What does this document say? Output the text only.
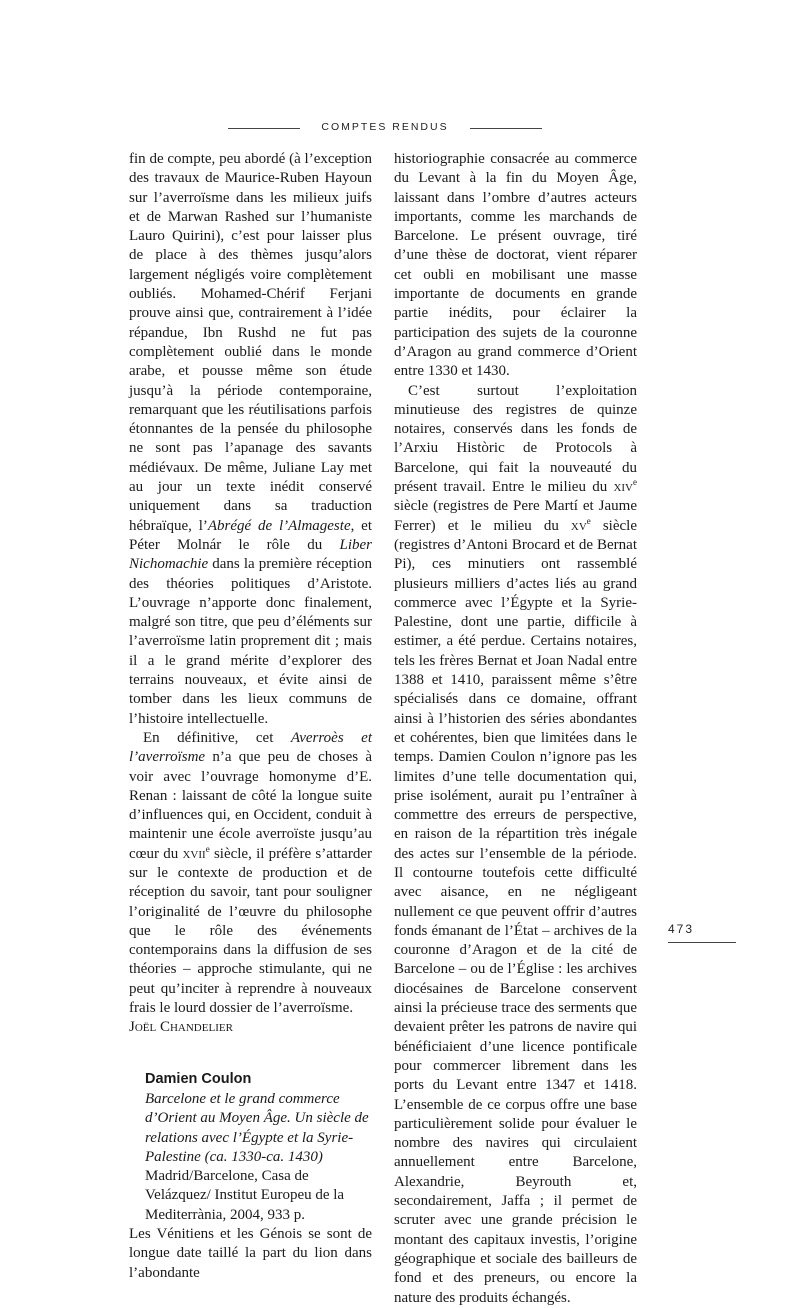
COMPTES RENDUS

fin de compte, peu abordé (à l’exception des travaux de Maurice-Ruben Hayoun sur l’averroïsme dans les milieux juifs et de Marwan Rashed sur l’humaniste Lauro Quirini), c’est pour laisser plus de place à des thèmes jusqu’alors largement négligés voire complètement oubliés. Mohamed-Chérif Ferjani prouve ainsi que, contrairement à l’idée répandue, Ibn Rushd ne fut pas complètement oublié dans le monde arabe, et pousse même son étude jusqu’à la période contemporaine, remarquant que les réutilisations parfois étonnantes de la pensée du philosophe ne sont pas l’apanage des savants médiévaux. De même, Juliane Lay met au jour un texte inédit conservé uniquement dans sa traduction hébraïque, l’Abrégé de l’Almageste, et Péter Molnár le rôle du Liber Nichomachie dans la première réception des théories politiques d’Aristote. L’ouvrage n’apporte donc finalement, malgré son titre, que peu d’éléments sur l’averroïsme latin proprement dit ; mais il a le grand mérite d’explorer des terrains nouveaux, et évite ainsi de tomber dans les lieux communs de l’histoire intellectuelle.

En définitive, cet Averroès et l’averroïsme n’a que peu de choses à voir avec l’ouvrage homonyme d’E. Renan : laissant de côté la longue suite d’influences qui, en Occident, conduit à maintenir une école averroïste jusqu’au cœur du xvii$^e$ siècle, il préfère s’attarder sur le contexte de production et de réception du savoir, tant pour souligner l’originalité de l’œuvre du philosophe que le rôle des événements contemporains dans la diffusion de ses théories – approche stimulante, qui ne peut qu’inciter à reprendre à nouveaux frais le lourd dossier de l’averroïsme.

Joël Chandelier

Damien Coulon
Barcelone et le grand commerce d’Orient au Moyen Âge. Un siècle de relations avec l’Égypte et la Syrie-Palestine (ca. 1330-ca. 1430)
Madrid/Barcelone, Casa de Velázquez/ Institut Europeu de la Mediterrània, 2004, 933 p.

Les Vénitiens et les Génois se sont de longue date taillé la part du lion dans l’abondante

historiographie consacrée au commerce du Levant à la fin du Moyen Âge, laissant dans l’ombre d’autres acteurs importants, comme les marchands de Barcelone. Le présent ouvrage, tiré d’une thèse de doctorat, vient réparer cet oubli en mobilisant une masse importante de documents en grande partie inédits, pour éclairer la participation des sujets de la couronne d’Aragon au grand commerce d’Orient entre 1330 et 1430.

C’est surtout l’exploitation minutieuse des registres de quinze notaires, conservés dans les fonds de l’Arxiu Històric de Protocols à Barcelone, qui fait la nouveauté du présent travail. Entre le milieu du xiv$^e$ siècle (registres de Pere Martí et Jaume Ferrer) et le milieu du $xv^e$ siècle (registres d’Antoni Brocard et de Bernat Pi), ces minutiers ont rassemblé plusieurs milliers d’actes liés au grand commerce avec l’Égypte et la Syrie-Palestine, dont une partie, difficile à estimer, a été perdue. Certains notaires, tels les frères Bernat et Joan Nadal entre 1388 et 1410, paraissent même s’être spécialisés dans ce domaine, offrant ainsi à l’historien des séries abondantes et cohérentes, bien que limitées dans le temps. Damien Coulon n’ignore pas les limites d’une telle documentation qui, prise isolément, aurait pu l’entraîner à commettre des erreurs de perspective, en raison de la répartition très inégale des actes sur l’ensemble de la période. Il contourne toutefois cette difficulté avec aisance, en ne négligeant nullement ce que peuvent offrir d’autres fonds émanant de l’État – archives de la couronne d’Aragon et de la cité de Barcelone – ou de l’Église : les archives diocésaines de Barcelone conservent ainsi la précieuse trace des serments que devaient prêter les patrons de navire qui bénéficiaient d’une licence pontificale pour commercer librement dans les ports du Levant entre 1347 et 1418. L’ensemble de ce corpus offre une base particulièrement solide pour évaluer le nombre des navires qui circulaient annuellement entre Barcelone, Alexandrie, Beyrouth et, secondairement, Jaffa ; il permet de scruter avec une grande précision le montant des capitaux investis, l’origine géographique et sociale des bailleurs de fond et des preneurs, ou encore la nature des produits échangés.

473
